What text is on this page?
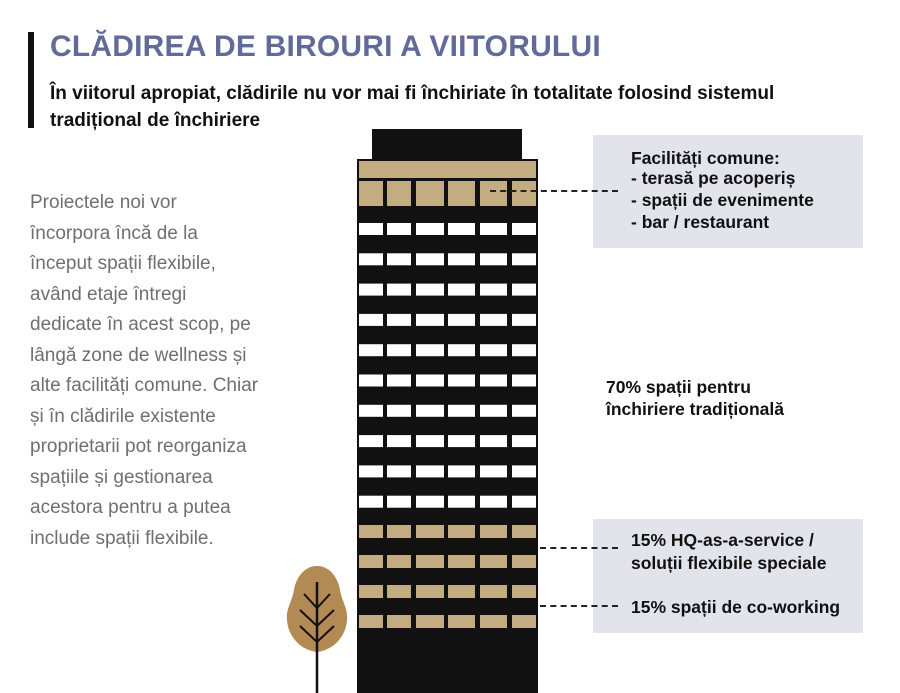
CLĂDIREA DE BIROURI A VIITORULUI

În viitorul apropiat, clădirile nu vor mai fi închiriate în totalitate folosind sistemul tradițional de închiriere

Proiectele noi vor încorpora încă de la început spații flexibile, având etaje întregi dedicate în acest scop, pe lângă zone de wellness și alte facilități comune. Chiar și în clădirile existente proprietarii pot reorganiza spațiile și gestionarea acestora pentru a putea include spații flexibile.

Facilități comune:

- terasă pe acoperiș

- spații de evenimente

- bar / restaurant

70% spații pentru

închiriere tradițională

15% HQ-as-a-service /

soluții flexibile speciale

15% spații de co-working
